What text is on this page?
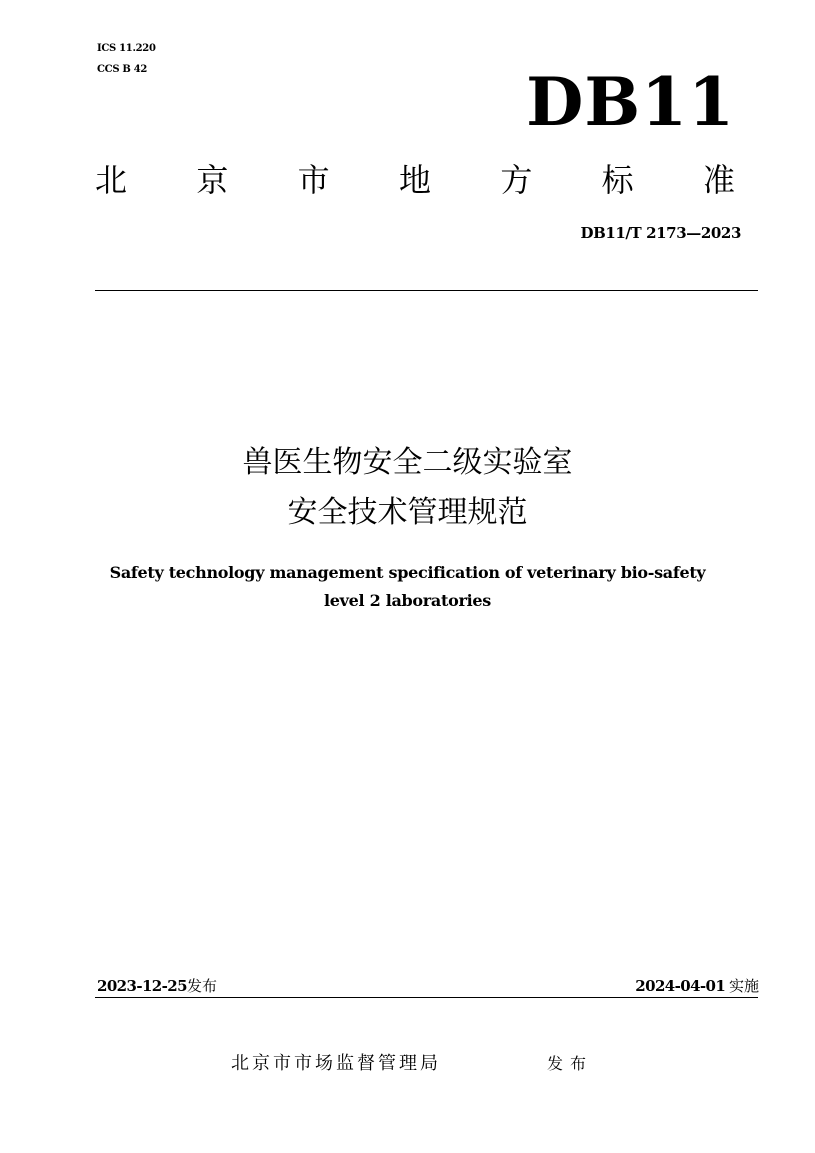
ICS 11.220
CCS B 42	DB11
北 京 市 地 方 标 准
DB11/T 2173—2023
兽医生物安全二级实验室
安全技术管理规范
Safety technology management specification of veterinary bio-safety
level 2 laboratories
2023-12-25发布	2024-04-01 实施
北京市市场监督管理局	发布
